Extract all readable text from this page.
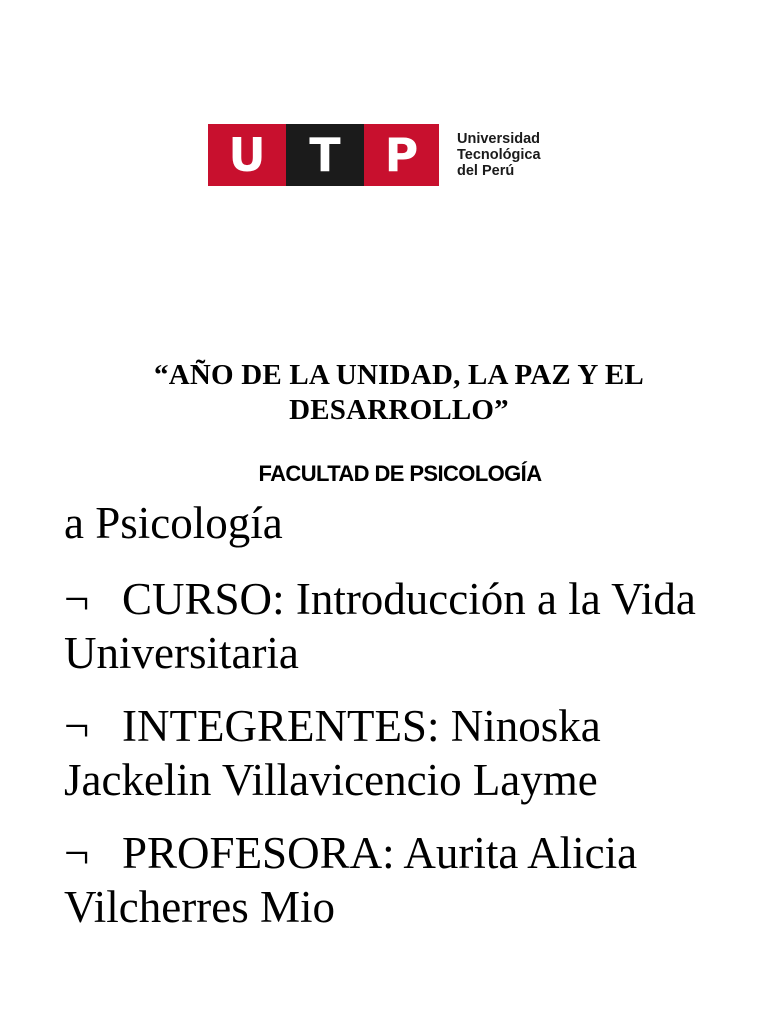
U T P	Universidad
Tecnológica
del Perú
“AÑO DE LA UNIDAD, LA PAZ Y EL DESARROLLO”
FACULTAD DE PSICOLOGÍA
a Psicología
¬ CURSO: Introducción a la Vida Universitaria
¬ INTEGRENTES: Ninoska Jackelin Villavicencio Layme
¬ PROFESORA: Aurita Alicia Vilcherres Mio
